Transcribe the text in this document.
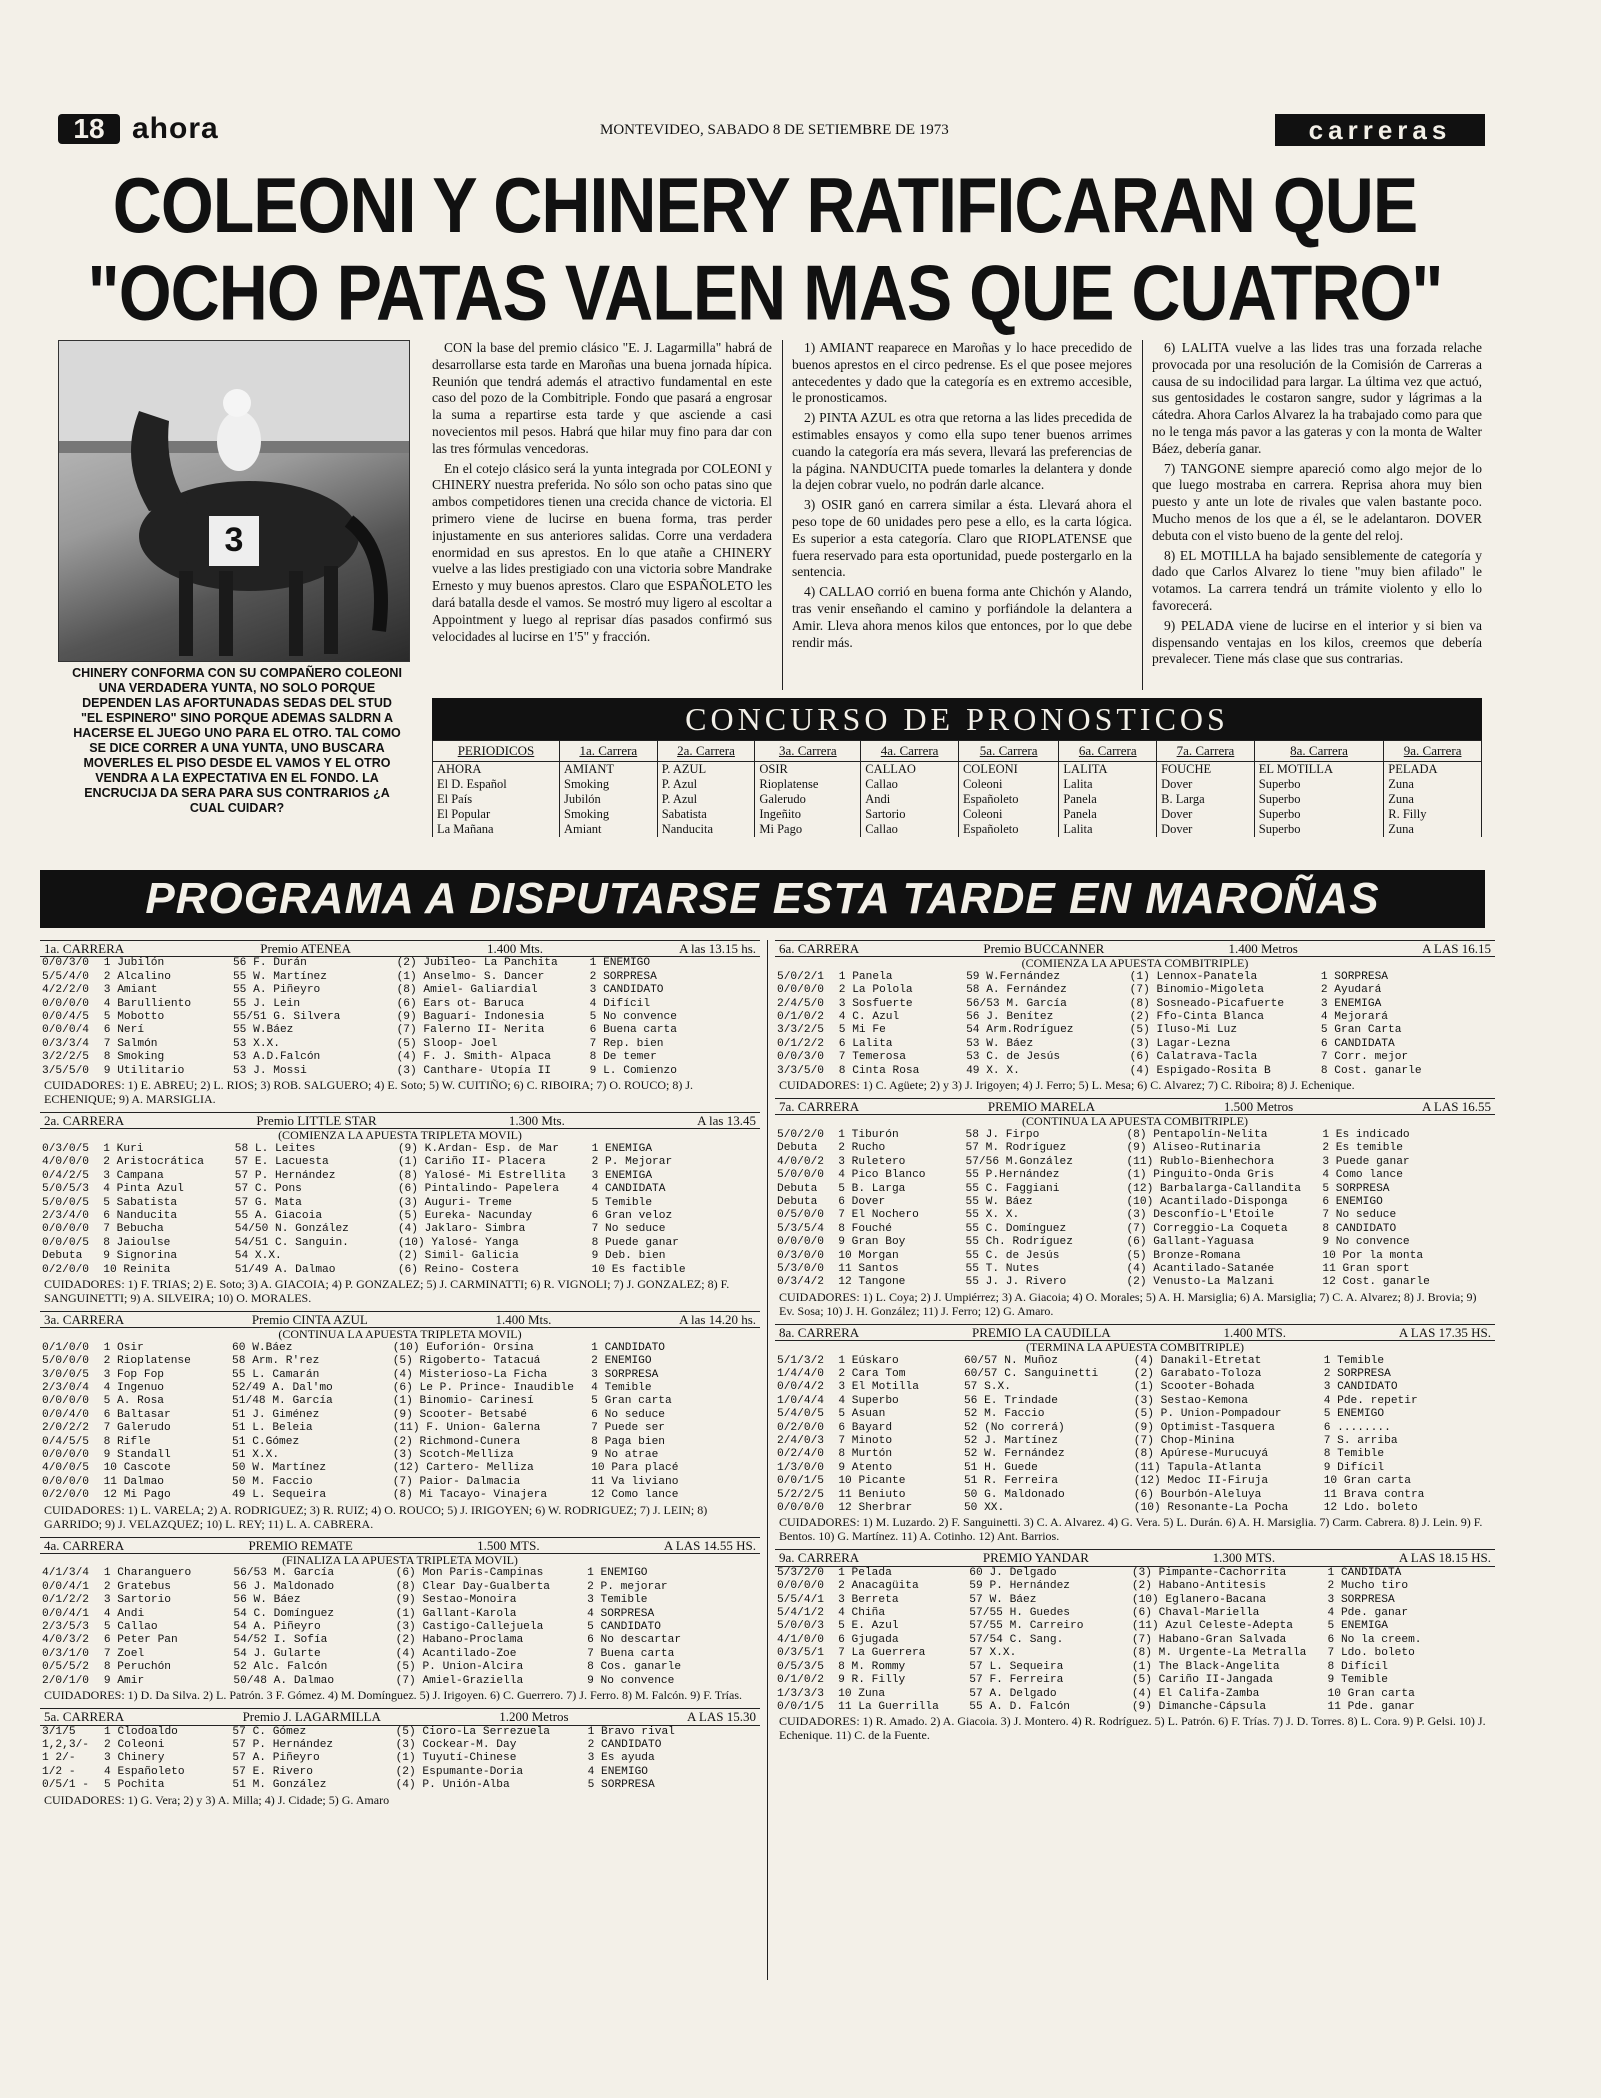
18 ahora	MONTEVIDEO, SABADO 8 DE SETIEMBRE DE 1973	carreras
COLEONI Y CHINERY RATIFICARAN QUE
"OCHO PATAS VALEN MAS QUE CUATRO"
3
CHINERY CONFORMA CON SU COMPAÑERO COLEONI UNA VERDADERA YUNTA, NO SOLO PORQUE DEPENDEN LAS AFORTUNADAS SEDAS DEL STUD "EL ESPINERO" SINO PORQUE ADEMAS SALDRN A HACERSE EL JUEGO UNO PARA EL OTRO. TAL COMO SE DICE CORRER A UNA YUNTA, UNO BUSCARA MOVERLES EL PISO DESDE EL VAMOS Y EL OTRO VENDRA A LA EXPECTATIVA EN EL FONDO. LA ENCRUCIJA DA SERA PARA SUS CONTRARIOS ¿A CUAL CUIDAR?

CON la base del premio clásico "E. J. Lagarmilla" habrá de desarrollarse esta tarde en Maroñas una buena jornada hípica. Reunión que tendrá además el atractivo fundamental en este caso del pozo de la Combitriple. Fondo que pasará a engrosar la suma a repartirse esta tarde y que asciende a casi novecientos mil pesos. Habrá que hilar muy fino para dar con las tres fórmulas vencedoras.

En el cotejo clásico será la yunta integrada por COLEONI y CHINERY nuestra preferida. No sólo son ocho patas sino que ambos competidores tienen una crecida chance de victoria. El primero viene de lucirse en buena forma, tras perder injustamente en sus anteriores salidas. Corre una verdadera enormidad en sus aprestos. En lo que atañe a CHINERY vuelve a las lides prestigiado con una victoria sobre Mandrake Ernesto y muy buenos aprestos. Claro que ESPAÑOLETO les dará batalla desde el vamos. Se mostró muy ligero al escoltar a Appointment y luego al reprisar días pasados confirmó sus velocidades al lucirse en 1'5" y fracción.

1) AMIANT reaparece en Maroñas y lo hace precedido de buenos aprestos en el circo pedrense. Es el que posee mejores antecedentes y dado que la categoría es en extremo accesible, le pronosticamos.

2) PINTA AZUL es otra que retorna a las lides precedida de estimables ensayos y como ella supo tener buenos arrimes cuando la categoría era más severa, llevará las preferencias de la página. NANDUCITA puede tomarles la delantera y donde la dejen cobrar vuelo, no podrán darle alcance.

3) OSIR ganó en carrera similar a ésta. Llevará ahora el peso tope de 60 unidades pero pese a ello, es la carta lógica. Es superior a esta categoría. Claro que RIOPLATENSE que fuera reservado para esta oportunidad, puede postergarlo en la sentencia.

4) CALLAO corrió en buena forma ante Chichón y Alando, tras venir enseñando el camino y porfiándole la delantera a Amir. Lleva ahora menos kilos que entonces, por lo que debe rendir más.

6) LALITA vuelve a las lides tras una forzada relache provocada por una resolución de la Comisión de Carreras a causa de su indocilidad para largar. La última vez que actuó, sus gentosidades le costaron sangre, sudor y lágrimas a la cátedra. Ahora Carlos Alvarez la ha trabajado como para que no le tenga más pavor a las gateras y con la monta de Walter Báez, debería ganar.

7) TANGONE siempre apareció como algo mejor de lo que luego mostraba en carrera. Reprisa ahora muy bien puesto y ante un lote de rivales que valen bastante poco. Mucho menos de los que a él, se le adelantaron. DOVER debuta con el visto bueno de la gente del reloj.

8) EL MOTILLA ha bajado sensiblemente de categoría y dado que Carlos Alvarez lo tiene "muy bien afilado" le votamos. La carrera tendrá un trámite violento y ello lo favorecerá.

9) PELADA viene de lucirse en el interior y si bien va dispensando ventajas en los kilos, creemos que debería prevalecer. Tiene más clase que sus contrarias.

CONCURSO DE PRONOSTICOS
PERIODICOS	1a. Carrera	2a. Carrera	3a. Carrera	4a. Carrera	5a. Carrera	6a. Carrera	7a. Carrera	8a. Carrera	9a. Carrera
AHORA	AMIANT	P. AZUL	OSIR	CALLAO	COLEONI	LALITA	FOUCHE	EL MOTILLA	PELADA
El D. Español	Smoking	P. Azul	Rioplatense	Callao	Coleoni	Lalita	Dover	Superbo	Zuna
El País	Jubilón	P. Azul	Galerudo	Andi	Españoleto	Panela	B. Larga	Superbo	Zuna
El Popular	Smoking	Sabatista	Ingeñito	Sartorio	Coleoni	Panela	Dover	Superbo	R. Filly
La Mañana	Amiant	Nanducita	Mi Pago	Callao	Españoleto	Lalita	Dover	Superbo	Zuna
PROGRAMA A DISPUTARSE ESTA TARDE EN MAROÑAS
1a. CARRERA	Premio ATENEA	1.400 Mts.	A las 13.15 hs.
0/0/3/0	1 Jubilón	56 F. Durán	(2) Jubileo- La Panchita	1 ENEMIGO
5/5/4/0	2 Alcalino	55 W. Martínez	(1) Anselmo- S. Dancer	2 SORPRESA
4/2/2/0	3 Amiant	55 A. Piñeyro	(8) Amiel- Galiardial	3 CANDIDATO
0/0/0/0	4 Barulliento	55 J. Lein	(6) Ears ot- Baruca	4 Difícil
0/0/4/5	5 Mobotto	55/51 G. Silvera	(9) Baguarí- Indonesia	5 No convence
0/0/0/4	6 Nerí	55 W.Báez	(7) Falerno II- Nerita	6 Buena carta
0/3/3/4	7 Salmón	53 X.X.	(5) Sloop- Joel	7 Rep. bien
3/2/2/5	8 Smoking	53 A.D.Falcón	(4) F. J. Smith- Alpaca	8 De temer
3/5/5/0	9 Utilitario	53 J. Mossi	(3) Canthare- Utopía II	9 L. Comienzo
CUIDADORES: 1) E. ABREU; 2) L. RIOS; 3) ROB. SALGUERO; 4) E. Soto; 5) W. CUITIÑO; 6) C. RIBOIRA; 7) O. ROUCO; 8) J. ECHENIQUE; 9) A. MARSIGLIA.
2a. CARRERA	Premio LITTLE STAR	1.300 Mts.	A las 13.45
(COMIENZA LA APUESTA TRIPLETA MOVIL)
0/3/0/5	1 Kuri	58 L. Leites	(9) K.Ardan- Esp. de Mar	1 ENEMIGA
4/0/0/0	2 Aristocrática	57 E. Lacuesta	(1) Cariño II- Placera	2 P. Mejorar
0/4/2/5	3 Campana	57 P. Hernández	(8) Yalosé- Mi Estrellita	3 ENEMIGA
5/0/5/3	4 Pinta Azul	57 C. Pons	(6) Pintalindo- Papelera	4 CANDIDATA
5/0/0/5	5 Sabatista	57 G. Mata	(3) Auguri- Treme	5 Temible
2/3/4/0	6 Nanducita	55 A. Giacoia	(5) Eureka- Nacunday	6 Gran veloz
0/0/0/0	7 Bebucha	54/50 N. González	(4) Jaklaro- Simbra	7 No seduce
0/0/0/5	8 Jaioulse	54/51 C. Sanguin.	(10) Yalosé- Yanga	8 Puede ganar
Debuta	9 Signorina	54 X.X.	(2) Simil- Galicia	9 Deb. bien
0/2/0/0	10 Reinita	51/49 A. Dalmao	(6) Reino- Costera	10 Es factible
CUIDADORES: 1) F. TRIAS; 2) E. Soto; 3) A. GIACOIA; 4) P. GONZALEZ; 5) J. CARMINATTI; 6) R. VIGNOLI; 7) J. GONZALEZ; 8) F. SANGUINETTI; 9) A. SILVEIRA; 10) O. MORALES.
3a. CARRERA	Premio CINTA AZUL	1.400 Mts.	A las 14.20 hs.
(CONTINUA LA APUESTA TRIPLETA MOVIL)
0/1/0/0	1 Osir	60 W.Báez	(10) Euforión- Orsina	1 CANDIDATO
5/0/0/0	2 Rioplatense	58 Arm. R'rez	(5) Rigoberto- Tatacuá	2 ENEMIGO
3/0/0/5	3 Fop Fop	55 L. Camarán	(4) Misterioso-La Ficha	3 SORPRESA
2/3/0/4	4 Ingenuo	52/49 A. Dal'mo	(6) Le P. Prince- Inaudible	4 Temible
0/0/0/0	5 A. Rosa	51/48 M. García	(1) Binomio- Carinesí	5 Gran carta
0/0/4/0	6 Baltasar	51 J. Giménez	(9) Scooter- Betsabé	6 No seduce
2/0/2/2	7 Galerudo	51 L. Beleia	(11) F. Union- Galerna	7 Puede ser
0/4/5/5	8 Rifle	51 C.Gómez	(2) Richmond-Cunera	8 Paga bien
0/0/0/0	9 Standall	51 X.X.	(3) Scotch-Melliza	9 No atrae
4/0/0/5	10 Cascote	50 W. Martínez	(12) Cartero- Melliza	10 Para placé
0/0/0/0	11 Dalmao	50 M. Faccio	(7) Paior- Dalmacia	11 Va liviano
0/2/0/0	12 Mi Pago	49 L. Sequeira	(8) Mi Tacayo- Vinajera	12 Como lance
CUIDADORES: 1) L. VARELA; 2) A. RODRIGUEZ; 3) R. RUIZ; 4) O. ROUCO; 5) J. IRIGOYEN; 6) W. RODRIGUEZ; 7) J. LEIN; 8) GARRIDO; 9) J. VELAZQUEZ; 10) L. REY; 11) L. A. CABRERA.
4a. CARRERA	PREMIO REMATE	1.500 MTS.	A LAS 14.55 HS.
(FINALIZA LA APUESTA TRIPLETA MOVIL)
4/1/3/4	1 Charanguero	56/53 M. García	(6) Mon Paris-Campinas	1 ENEMIGO
0/0/4/1	2 Gratebus	56 J. Maldonado	(8) Clear Day-Gualberta	2 P. mejorar
0/1/2/2	3 Sartorio	56 W. Báez	(9) Sestao-Monoira	3 Temible
0/0/4/1	4 Andi	54 C. Domínguez	(1) Gallant-Karola	4 SORPRESA
2/3/5/3	5 Callao	54 A. Piñeyro	(3) Castigo-Callejuela	5 CANDIDATO
4/0/3/2	6 Peter Pan	54/52 I. Sofía	(2) Habano-Proclama	6 No descartar
0/3/1/0	7 Zoel	54 J. Gularte	(4) Acantilado-Zoe	7 Buena carta
0/5/5/2	8 Peruchón	52 Alc. Falcón	(5) P. Union-Alcira	8 Cos. ganarle
2/0/1/0	9 Amir	50/48 A. Dalmao	(7) Amiel-Graziella	9 No convence
CUIDADORES: 1) D. Da Silva. 2) L. Patrón. 3 F. Gómez. 4) M. Domínguez. 5) J. Irigoyen. 6) C. Guerrero. 7) J. Ferro. 8) M. Falcón. 9) F. Trías.
5a. CARRERA	Premio J. LAGARMILLA	1.200 Metros	A LAS 15.30
3/1/5	1 Clodoaldo	57 C. Gómez	(5) Cioro-La Serrezuela	1 Bravo rival
1,2,3/-	2 Coleoni	57 P. Hernández	(3) Cockear-M. Day	2 CANDIDATO
1 2/-	3 Chinery	57 A. Piñeyro	(1) Tuyutí-Chinese	3 Es ayuda
1/2 -	4 Españoleto	57 E. Rivero	(2) Espumante-Doria	4 ENEMIGO
0/5/1 -	5 Pochita	51 M. González	(4) P. Unión-Alba	5 SORPRESA
CUIDADORES: 1) G. Vera; 2) y 3) A. Milla; 4) J. Cidade; 5) G. Amaro
6a. CARRERA	Premio BUCCANNER	1.400 Metros	A LAS 16.15
(COMIENZA LA APUESTA COMBITRIPLE)
5/0/2/1	1 Panela	59 W.Fernández	(1) Lennox-Panatela	1 SORPRESA
0/0/0/0	2 La Polola	58 A. Fernández	(7) Binomio-Migoleta	2 Ayudará
2/4/5/0	3 Sosfuerte	56/53 M. García	(8) Sosneado-Picafuerte	3 ENEMIGA
0/1/0/2	4 C. Azul	56 J. Benítez	(2) Ffo-Cinta Blanca	4 Mejorará
3/3/2/5	5 Mi Fe	54 Arm.Rodríguez	(5) Iluso-Mi Luz	5 Gran Carta
0/1/2/2	6 Lalita	53 W. Báez	(3) Lagar-Lezna	6 CANDIDATA
0/0/3/0	7 Temerosa	53 C. de Jesús	(6) Calatrava-Tacla	7 Corr. mejor
3/3/5/0	8 Cinta Rosa	49 X. X.	(4) Espigado-Rosita B	8 Cost. ganarle
CUIDADORES: 1) C. Agüete; 2) y 3) J. Irigoyen; 4) J. Ferro; 5) L. Mesa; 6) C. Alvarez; 7) C. Riboira; 8) J. Echenique.
7a. CARRERA	PREMIO MARELA	1.500 Metros	A LAS 16.55
(CONTINUA LA APUESTA COMBITRIPLE)
5/0/2/0	1 Tiburón	58 J. Firpo	(8) Pentapolín-Nelita	1 Es indicado
Debuta	2 Rucho	57 M. Rodríguez	(9) Aliseo-Rutinaria	2 Es temible
4/0/0/2	3 Ruletero	57/56 M.González	(11) Rublo-Bienhechora	3 Puede ganar
5/0/0/0	4 Pico Blanco	55 P.Hernández	(1) Pinguito-Onda Gris	4 Como lance
Debuta	5 B. Larga	55 C. Faggiani	(12) Barbalarga-Callandita	5 SORPRESA
Debuta	6 Dover	55 W. Báez	(10) Acantilado-Disponga	6 ENEMIGO
0/5/0/0	7 El Nochero	55 X. X.	(3) Desconfío-L'Etoile	7 No seduce
5/3/5/4	8 Fouché	55 C. Domínguez	(7) Correggio-La Coqueta	8 CANDIDATO
0/0/0/0	9 Gran Boy	55 Ch. Rodríguez	(6) Gallant-Yaguasa	9 No convence
0/3/0/0	10 Morgan	55 C. de Jesús	(5) Bronze-Romana	10 Por la monta
5/3/0/0	11 Santos	55 T. Nutes	(4) Acantilado-Satanée	11 Gran sport
0/3/4/2	12 Tangone	55 J. J. Rivero	(2) Venusto-La Malzani	12 Cost. ganarle
CUIDADORES: 1) L. Coya; 2) J. Umpiérrez; 3) A. Giacoia; 4) O. Morales; 5) A. H. Marsiglia; 6) A. Marsiglia; 7) C. A. Alvarez; 8) J. Brovia; 9) Ev. Sosa; 10) J. H. González; 11) J. Ferro; 12) G. Amaro.
8a. CARRERA	PREMIO LA CAUDILLA	1.400 MTS.	A LAS 17.35 HS.
(TERMINA LA APUESTA COMBITRIPLE)
5/1/3/2	1 Eúskaro	60/57 N. Muñoz	(4) Danakil-Etretat	1 Temible
1/4/4/0	2 Cara Tom	60/57 C. Sanguinetti	(2) Garabato-Toloza	2 SORPRESA
0/0/4/2	3 El Motilla	57 S.X.	(1) Scooter-Bohada	3 CANDIDATO
1/0/4/4	4 Superbo	56 E. Trindade	(3) Sestao-Kemona	4 Pde. repetir
5/4/0/5	5 Asuan	52 M. Faccio	(5) P. Union-Pompadour	5 ENEMIGO
0/2/0/0	6 Bayard	52 (No correrá)	(9) Optimist-Tasquera	6 ........
2/4/0/3	7 Minoto	52 J. Martínez	(7) Chop-Minina	7 S. arriba
0/2/4/0	8 Murtón	52 W. Fernández	(8) Apúrese-Murucuyá	8 Temible
1/3/0/0	9 Atento	51 H. Guede	(11) Tapula-Atlanta	9 Difícil
0/0/1/5	10 Picante	51 R. Ferreira	(12) Medoc II-Firuja	10 Gran carta
5/2/2/5	11 Beniuto	50 G. Maldonado	(6) Bourbón-Aleluya	11 Brava contra
0/0/0/0	12 Sherbrar	50 XX.	(10) Resonante-La Pocha	12 Ldo. boleto
CUIDADORES: 1) M. Luzardo. 2) F. Sanguinetti. 3) C. A. Alvarez. 4) G. Vera. 5) L. Durán. 6) A. H. Marsiglia. 7) Carm. Cabrera. 8) J. Lein. 9) F. Bentos. 10) G. Martínez. 11) A. Cotinho. 12) Ant. Barrios.
9a. CARRERA	PREMIO YANDAR	1.300 MTS.	A LAS 18.15 HS.
5/3/2/0	1 Pelada	60 J. Delgado	(3) Pimpante-Cachorrita	1 CANDIDATA
0/0/0/0	2 Anacagüita	59 P. Hernández	(2) Habano-Antitesis	2 Mucho tiro
5/5/4/1	3 Berreta	57 W. Báez	(10) Eglanero-Bacana	3 SORPRESA
5/4/1/2	4 Chiña	57/55 H. Guedes	(6) Chaval-Mariella	4 Pde. ganar
5/0/0/3	5 E. Azul	57/55 M. Carreiro	(11) Azul Celeste-Adepta	5 ENEMIGA
4/1/0/0	6 Gjugada	57/54 C. Sang.	(7) Habano-Gran Salvada	6 No la creem.
0/3/5/1	7 La Guerrera	57 X.X.	(8) M. Urgente-La Metralla	7 Ldo. boleto
0/5/3/5	8 M. Rommy	57 L. Sequeira	(1) The Black-Angelita	8 Difícil
0/1/0/2	9 R. Filly	57 F. Ferreira	(5) Cariño II-Jangada	9 Temible
1/3/3/3	10 Zuna	57 A. Delgado	(4) El Califa-Zamba	10 Gran carta
0/0/1/5	11 La Guerrilla	55 A. D. Falcón	(9) Dimanche-Cápsula	11 Pde. ganar
CUIDADORES: 1) R. Amado. 2) A. Giacoia. 3) J. Montero. 4) R. Rodríguez. 5) L. Patrón. 6) F. Trías. 7) J. D. Torres. 8) L. Cora. 9) P. Gelsi. 10) J. Echenique. 11) C. de la Fuente.
